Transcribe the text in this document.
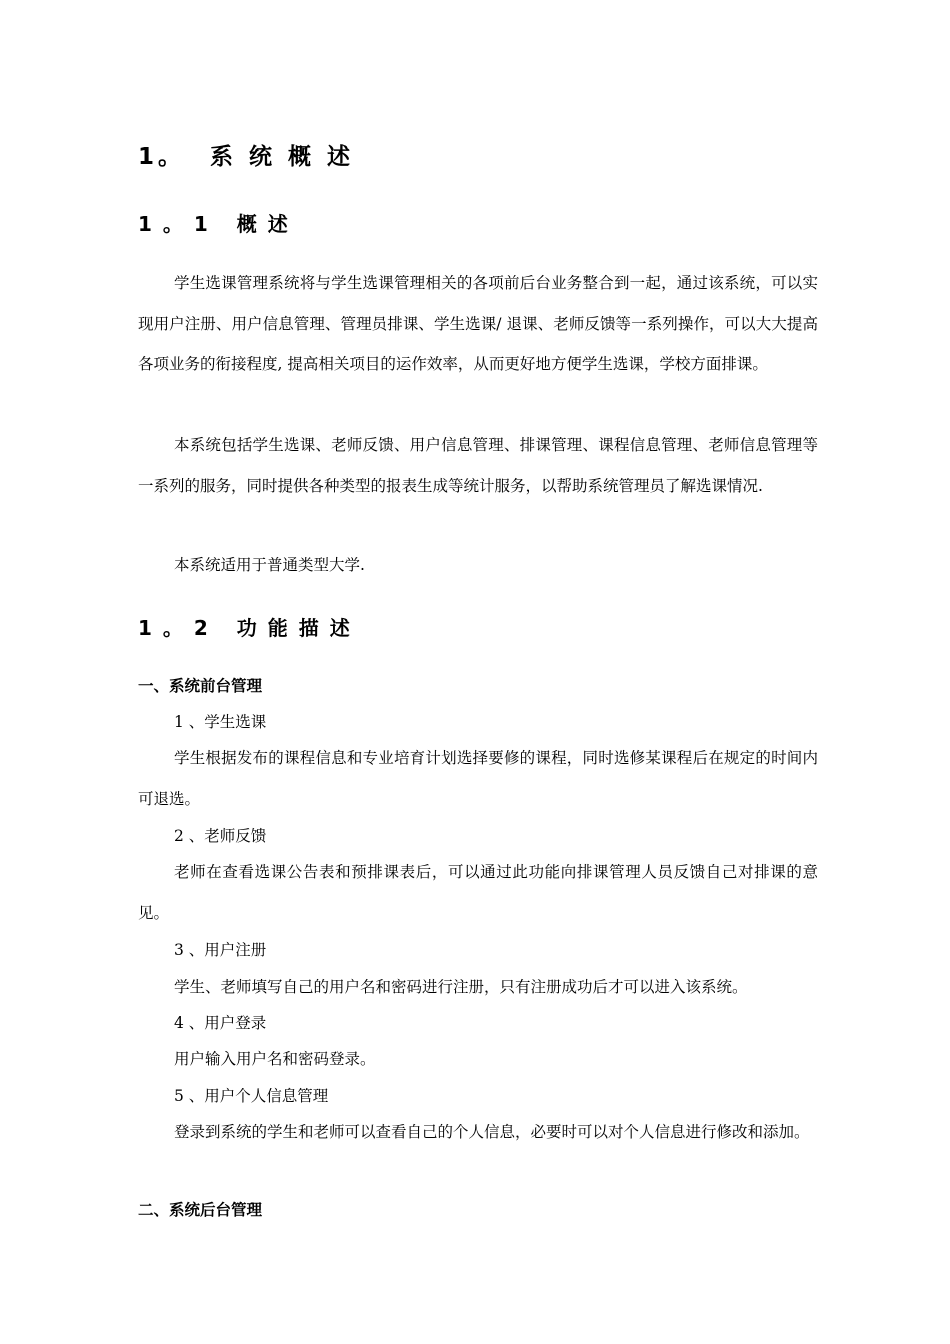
1。 系 统 概 述
1。1 概述

学生选课管理系统将与学生选课管理相关的各项前后台业务整合到一起，通过该系统，可以实现用户注册、用户信息管理、管理员排课、学生选课/ 退课、老师反馈等一系列操作，可以大大提高各项业务的衔接程度, 提高相关项目的运作效率，从而更好地方便学生选课，学校方面排课。

本系统包括学生选课、老师反馈、用户信息管理、排课管理、课程信息管理、老师信息管理等一系列的服务，同时提供各种类型的报表生成等统计服务，以帮助系统管理员了解选课情况.

本系统适用于普通类型大学.

1。2 功能描述
一、系统前台管理

1 、学生选课

学生根据发布的课程信息和专业培育计划选择要修的课程，同时选修某课程后在规定的时间内可退选。

2 、老师反馈

老师在查看选课公告表和预排课表后，可以通过此功能向排课管理人员反馈自己对排课的意见。

3 、用户注册

学生、老师填写自己的用户名和密码进行注册，只有注册成功后才可以进入该系统。

4 、用户登录

用户输入用户名和密码登录。

5 、用户个人信息管理

登录到系统的学生和老师可以查看自己的个人信息，必要时可以对个人信息进行修改和添加。

二、系统后台管理
